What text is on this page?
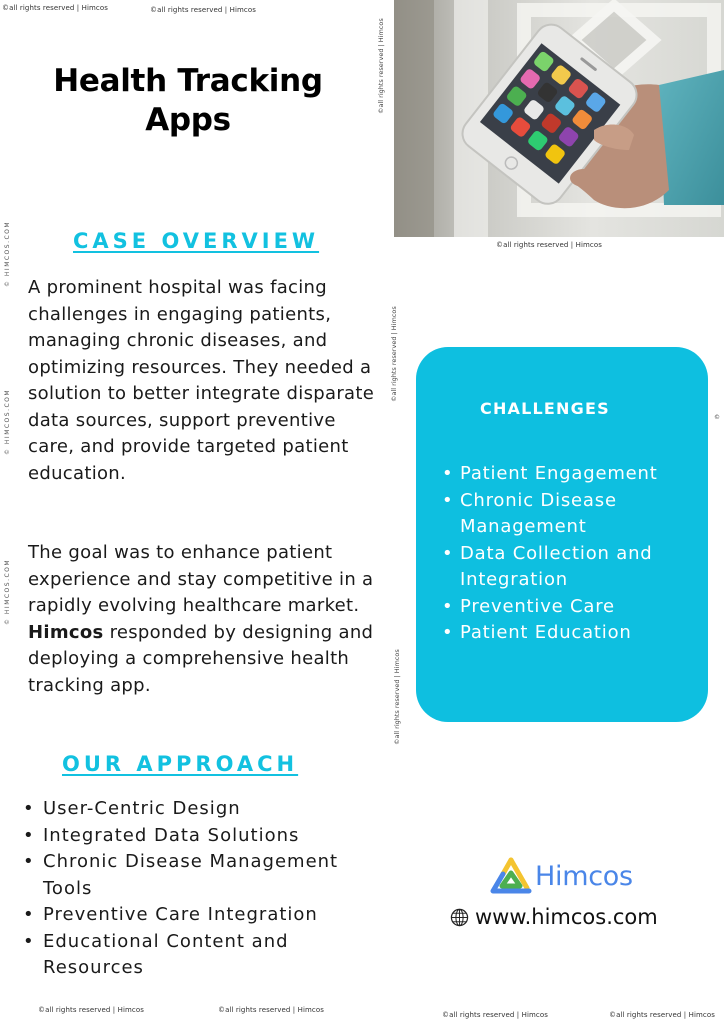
©all rights reserved | Himcos	©all rights reserved | Himcos
©all rights reserved | Himcos
©all rights reserved | Himcos
©all rights reserved | Himcos
©all rights reserved | Himcos
© HIMCOS.COM
© HIMCOS.COM
© HIMCOS.COM
©
Health Tracking
Apps
CASE OVERVIEW

A prominent hospital was facing challenges in engaging patients, managing chronic diseases, and optimizing resources. They needed a solution to better integrate disparate data sources, support preventive care, and provide targeted patient education.

The goal was to enhance patient experience and stay competitive in a rapidly evolving healthcare market. Himcos responded by designing and deploying a comprehensive health tracking app.

CHALLENGES
• Patient Engagement
• Chronic Disease Management
• Data Collection and Integration
• Preventive Care
• Patient Education
OUR APPROACH
• User-Centric Design
• Integrated Data Solutions
• Chronic Disease Management Tools
• Preventive Care Integration
• Educational Content and Resources
Himcos
www.himcos.com
©all rights reserved | Himcos	©all rights reserved | Himcos
©all rights reserved | Himcos	©all rights reserved | Himcos
